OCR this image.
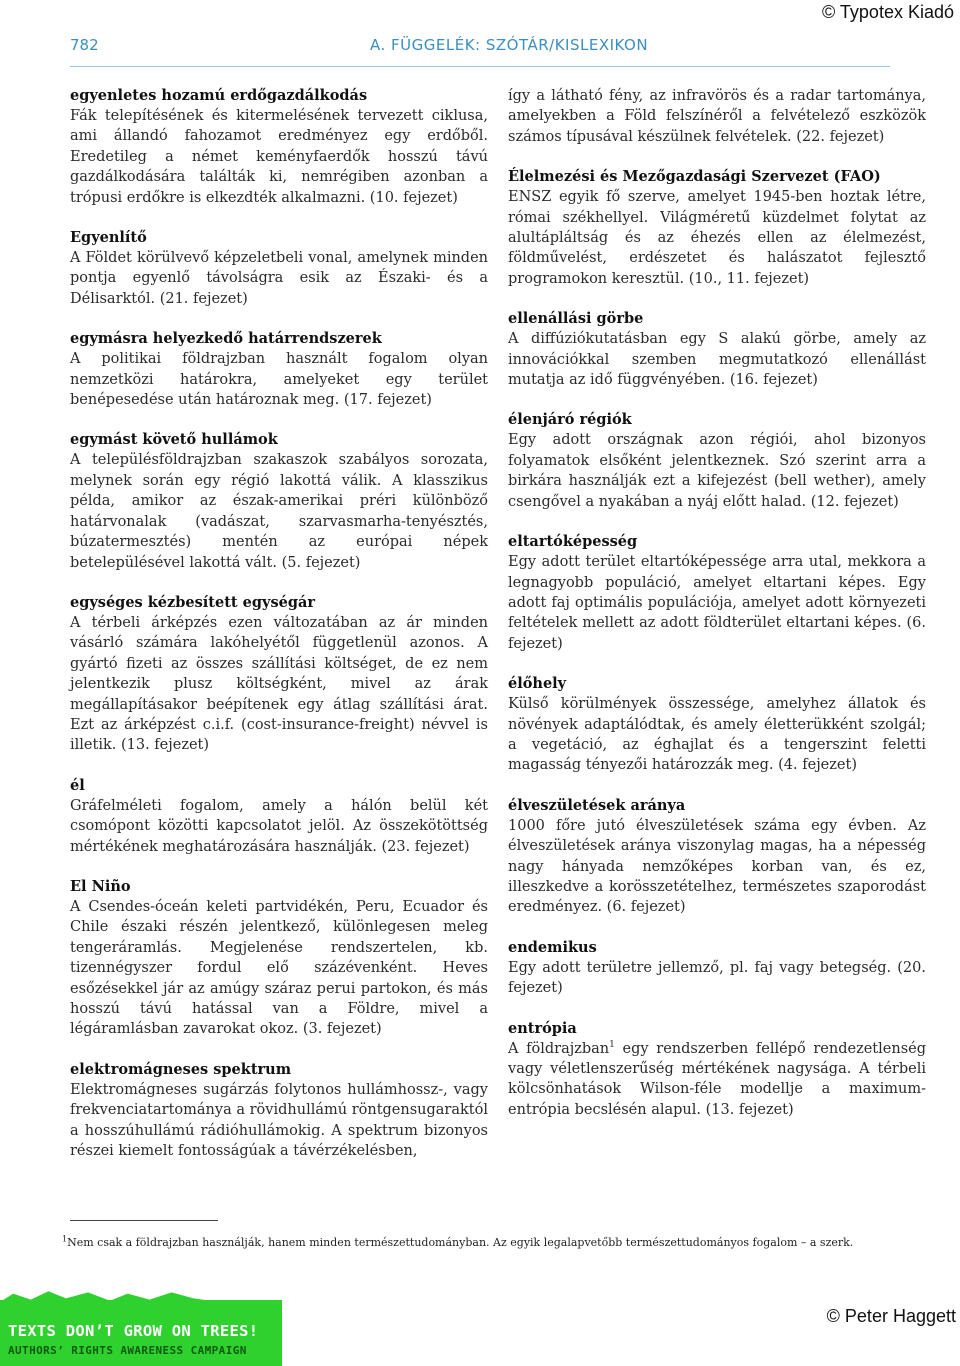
© Typotex Kiadó
782	A. FÜGGELÉK: SZÓTÁR/KISLEXIKON
egyenletes hozamú erdőgazdálkodás
Fák telepítésének és kitermelésének tervezett ciklusa, ami állandó fahozamot eredményez egy erdőből. Eredetileg a német keményfaerdők hosszú távú gazdálkodására találták ki, nemrégiben azonban a trópusi erdőkre is elkezdték alkalmazni. (10. fejezet)
Egyenlítő
A Földet körülvevő képzeletbeli vonal, amelynek minden pontja egyenlő távolságra esik az Északi- és a Délisarktól. (21. fejezet)
egymásra helyezkedő határrendszerek
A politikai földrajzban használt fogalom olyan nemzetközi határokra, amelyeket egy terület benépesedése után határoznak meg. (17. fejezet)
egymást követő hullámok
A településföldrajzban szakaszok szabályos sorozata, melynek során egy régió lakottá válik. A klasszikus példa, amikor az észak-amerikai préri különböző határvonalak (vadászat, szarvasmarha-tenyésztés, búzatermesztés) mentén az európai népek betelepülésével lakottá vált. (5. fejezet)
egységes kézbesített egységár
A térbeli árképzés ezen változatában az ár minden vásárló számára lakóhelyétől függetlenül azonos. A gyártó fizeti az összes szállítási költséget, de ez nem jelentkezik plusz költségként, mivel az árak megállapításakor beépítenek egy átlag szállítási árat. Ezt az árképzést c.i.f. (cost-insurance-freight) névvel is illetik. (13. fejezet)
él
Gráfelméleti fogalom, amely a hálón belül két csomópont közötti kapcsolatot jelöl. Az összekötöttség mértékének meghatározására használják. (23. fejezet)
El Niño
A Csendes-óceán keleti partvidékén, Peru, Ecuador és Chile északi részén jelentkező, különlegesen meleg tengeráramlás. Megjelenése rendszertelen, kb. tizennégyszer fordul elő százévenként. Heves esőzésekkel jár az amúgy száraz perui partokon, és más hosszú távú hatással van a Földre, mivel a légáramlásban zavarokat okoz. (3. fejezet)
elektromágneses spektrum
Elektromágneses sugárzás folytonos hullámhossz-, vagy frekvenciatartománya a rövidhullámú röntgensugaraktól a hosszúhullámú rádióhullámokig. A spektrum bizonyos részei kiemelt fontosságúak a távérzékelésben,
így a látható fény, az infravörös és a radar tartománya, amelyekben a Föld felszínéről a felvételező eszközök számos típusával készülnek felvételek. (22. fejezet)
Élelmezési és Mezőgazdasági Szervezet (FAO)
ENSZ egyik fő szerve, amelyet 1945-ben hoztak létre, római székhellyel. Világméretű küzdelmet folytat az alultápláltság és az éhezés ellen az élelmezést, földművelést, erdészetet és halászatot fejlesztő programokon keresztül. (10., 11. fejezet)
ellenállási görbe
A diffúziókutatásban egy S alakú görbe, amely az innovációkkal szemben megmutatkozó ellenállást mutatja az idő függvényében. (16. fejezet)
élenjáró régiók
Egy adott országnak azon régiói, ahol bizonyos folyamatok elsőként jelentkeznek. Szó szerint arra a birkára használják ezt a kifejezést (bell wether), amely csengővel a nyakában a nyáj előtt halad. (12. fejezet)
eltartóképesség
Egy adott terület eltartóképessége arra utal, mekkora a legnagyobb populáció, amelyet eltartani képes. Egy adott faj optimális populációja, amelyet adott környezeti feltételek mellett az adott földterület eltartani képes. (6. fejezet)
élőhely
Külső körülmények összessége, amelyhez állatok és növények adaptálódtak, és amely életterükként szolgál; a vegetáció, az éghajlat és a tengerszint feletti magasság tényezői határozzák meg. (4. fejezet)
élveszületések aránya
1000 főre jutó élveszületések száma egy évben. Az élveszületések aránya viszonylag magas, ha a népesség nagy hányada nemzőképes korban van, és ez, illeszkedve a korösszetételhez, természetes szaporodást eredményez. (6. fejezet)
endemikus
Egy adott területre jellemző, pl. faj vagy betegség. (20. fejezet)
entrópia
A földrajzban$^1$ egy rendszerben fellépő rendezetlenség vagy véletlenszerűség mértékének nagysága. A térbeli kölcsönhatások Wilson-féle modellje a maximum-entrópia becslésén alapul. (13. fejezet)
$^1$Nem csak a földrajzban használják, hanem minden természettudományban. Az egyik legalapvetőbb természettudományos fogalom – a szerk.
TEXTS DON’T GROW ON TREES!
AUTHORS’ RIGHTS AWARENESS CAMPAIGN
© Peter Haggett
